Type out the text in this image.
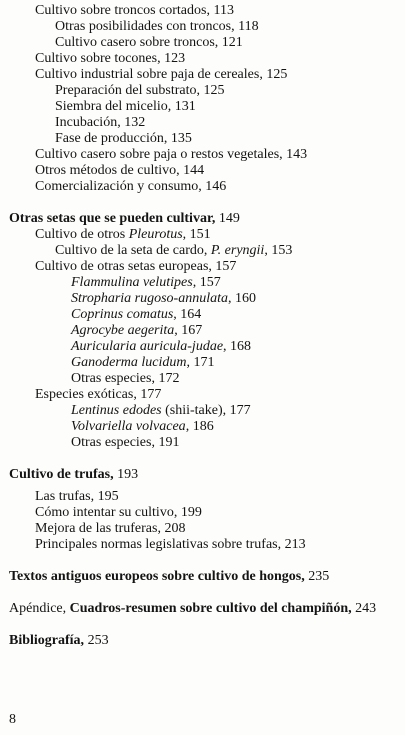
Cultivo sobre troncos cortados, 113
Otras posibilidades con troncos, 118
Cultivo casero sobre troncos, 121
Cultivo sobre tocones, 123
Cultivo industrial sobre paja de cereales, 125
Preparación del substrato, 125
Siembra del micelio, 131
Incubación, 132
Fase de producción, 135
Cultivo casero sobre paja o restos vegetales, 143
Otros métodos de cultivo, 144
Comercialización y consumo, 146
Otras setas que se pueden cultivar, 149
Cultivo de otros Pleurotus, 151
Cultivo de la seta de cardo, P. eryngii, 153
Cultivo de otras setas europeas, 157
Flammulina velutipes, 157
Stropharia rugoso-annulata, 160
Coprinus comatus, 164
Agrocybe aegerita, 167
Auricularia auricula-judae, 168
Ganoderma lucidum, 171
Otras especies, 172
Especies exóticas, 177
Lentinus edodes (shii-take), 177
Volvariella volvacea, 186
Otras especies, 191
Cultivo de trufas, 193
Las trufas, 195
Cómo intentar su cultivo, 199
Mejora de las truferas, 208
Principales normas legislativas sobre trufas, 213
Textos antiguos europeos sobre cultivo de hongos, 235
Apéndice, Cuadros-resumen sobre cultivo del champiñón, 243
Bibliografía, 253
8
